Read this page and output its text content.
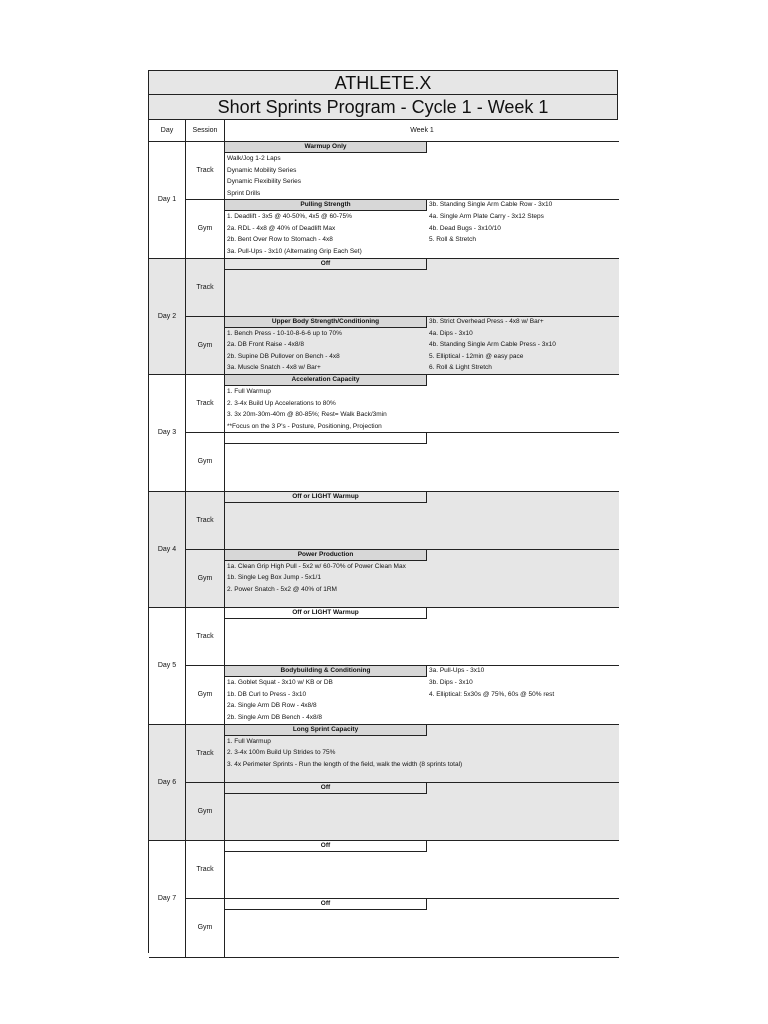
ATHLETE.X
Short Sprints Program - Cycle 1 - Week 1
Day	Session	Week 1
Day 1
Track
Warmup Only
Walk/Jog 1-2 Laps
Dynamic Mobility Series
Dynamic Flexibility Series
Sprint Drills
Gym
Pulling Strength
1. Deadlift - 3x5 @ 40-50%, 4x5 @ 60-75%
2a. RDL - 4x8 @ 40% of Deadlift Max
2b. Bent Over Row to Stomach - 4x8
3a. Pull-Ups - 3x10 (Alternating Grip Each Set)
3b. Standing Single Arm Cable Row - 3x10
4a. Single Arm Plate Carry - 3x12 Steps
4b. Dead Bugs - 3x10/10
5. Roll & Stretch
Day 2
Track
Off
Gym
Upper Body Strength/Conditioning
1. Bench Press - 10-10-8-6-6 up to 70%
2a. DB Front Raise - 4x8/8
2b. Supine DB Pullover on Bench - 4x8
3a. Muscle Snatch - 4x8 w/ Bar+
3b. Strict Overhead Press - 4x8 w/ Bar+
4a. Dips - 3x10
4b. Standing Single Arm Cable Press - 3x10
5. Elliptical - 12min @ easy pace
6. Roll & Light Stretch
Day 3
Track
Acceleration Capacity
1. Full Warmup
2. 3-4x Build Up Accelerations to 80%
3. 3x 20m-30m-40m @ 80-85%; Rest= Walk Back/3min
**Focus on the 3 P's - Posture, Positioning, Projection
Gym
Day 4
Track
Off or LIGHT Warmup
Gym
Power Production
1a. Clean Grip High Pull - 5x2 w/ 60-70% of Power Clean Max
1b. Single Leg Box Jump - 5x1/1
2. Power Snatch - 5x2 @ 40% of 1RM
Day 5
Track
Off or LIGHT Warmup
Gym
Bodybuilding & Conditioning
1a. Goblet Squat - 3x10 w/ KB or DB
1b. DB Curl to Press - 3x10
2a. Single Arm DB Row - 4x8/8
2b. Single Arm DB Bench - 4x8/8
3a. Pull-Ups - 3x10
3b. Dips - 3x10
4. Elliptical: 5x30s @ 75%, 60s @ 50% rest
Day 6
Track
Long Sprint Capacity
1. Full Warmup
2. 3-4x 100m Build Up Strides to 75%
3. 4x Perimeter Sprints - Run the length of the field, walk the width (8 sprints total)
Gym
Off
Day 7
Track
Off
Gym
Off
